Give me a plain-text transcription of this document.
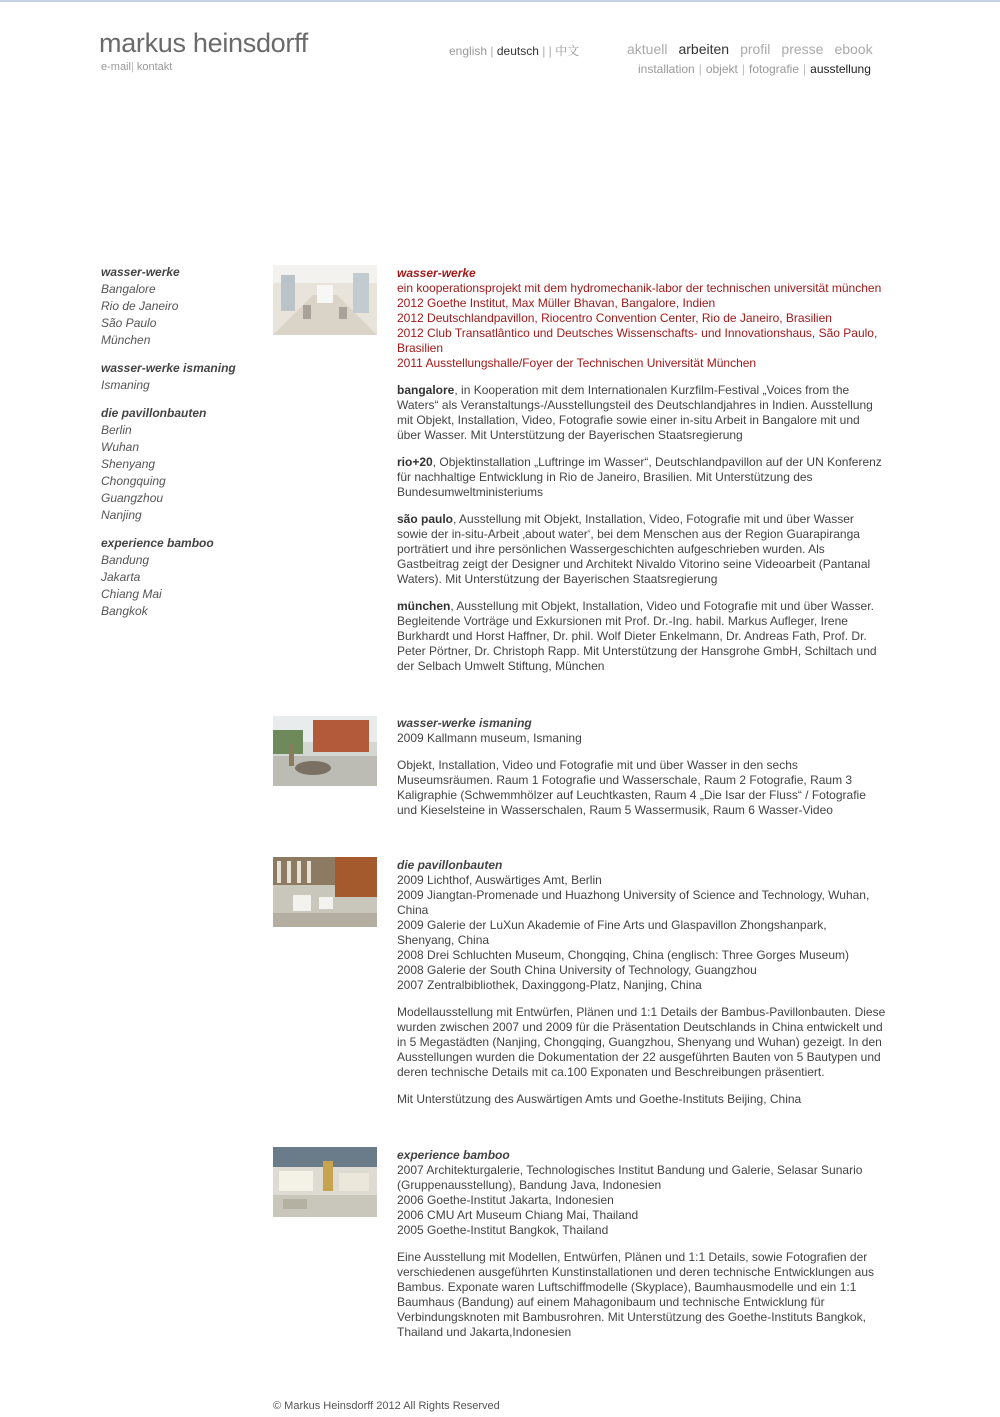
markus heinsdorff
e-mail| kontakt
english | deutsch | | 中文	aktuell arbeiten profil presse ebook
installation | objekt | fotografie | ausstellung
wasser-werke
Bangalore
Rio de Janeiro
São Paulo
München
wasser-werke ismaning
Ismaning
die pavillonbauten
Berlin
Wuhan
Shenyang
Chongquing
Guangzhou
Nanjing
experience bamboo
Bandung
Jakarta
Chiang Mai
Bangkok

wasser-werke
ein kooperationsprojekt mit dem hydromechanik-labor der technischen universität münchen
2012 Goethe Institut, Max Müller Bhavan, Bangalore, Indien
2012 Deutschlandpavillon, Riocentro Convention Center, Rio de Janeiro, Brasilien
2012 Club Transatlântico und Deutsches Wissenschafts- und Innovationshaus, São Paulo, Brasilien
2011 Ausstellungshalle/Foyer der Technischen Universität München

bangalore, in Kooperation mit dem Internationalen Kurzfilm-Festival „Voices from the Waters“ als Veranstaltungs-/Ausstellungsteil des Deutschlandjahres in Indien. Ausstellung mit Objekt, Installation, Video, Fotografie sowie einer in-situ Arbeit in Bangalore mit und über Wasser. Mit Unterstützung der Bayerischen Staatsregierung

rio+20, Objektinstallation „Luftringe im Wasser“, Deutschlandpavillon auf der UN Konferenz für nachhaltige Entwicklung in Rio de Janeiro, Brasilien. Mit Unterstützung des Bundesumweltministeriums

são paulo, Ausstellung mit Objekt, Installation, Video, Fotografie mit und über Wasser sowie der in-situ-Arbeit ‚about water‘, bei dem Menschen aus der Region Guarapiranga porträtiert und ihre persönlichen Wassergeschichten aufgeschrieben wurden. Als Gastbeitrag zeigt der Designer und Architekt Nivaldo Vitorino seine Videoarbeit (Pantanal Waters). Mit Unterstützung der Bayerischen Staatsregierung

münchen, Ausstellung mit Objekt, Installation, Video und Fotografie mit und über Wasser. Begleitende Vorträge und Exkursionen mit Prof. Dr.-Ing. habil. Markus Aufleger, Irene Burkhardt und Horst Haffner, Dr. phil. Wolf Dieter Enkelmann, Dr. Andreas Fath, Prof. Dr. Peter Pörtner, Dr. Christoph Rapp. Mit Unterstützung der Hansgrohe GmbH, Schiltach und der Selbach Umwelt Stiftung, München

wasser-werke ismaning
2009 Kallmann museum, Ismaning

Objekt, Installation, Video und Fotografie mit und über Wasser in den sechs Museumsräumen. Raum 1 Fotografie und Wasserschale, Raum 2 Fotografie, Raum 3 Kaligraphie (Schwemmhölzer auf Leuchtkasten, Raum 4 „Die Isar der Fluss“ / Fotografie und Kieselsteine in Wasserschalen, Raum 5 Wassermusik, Raum 6 Wasser-Video

die pavillonbauten
2009 Lichthof, Auswärtiges Amt, Berlin
2009 Jiangtan-Promenade und Huazhong University of Science and Technology, Wuhan, China
2009 Galerie der LuXun Akademie of Fine Arts und Glaspavillon Zhongshanpark, Shenyang, China
2008 Drei Schluchten Museum, Chongqing, China (englisch: Three Gorges Museum)
2008 Galerie der South China University of Technology, Guangzhou
2007 Zentralbibliothek, Daxinggong-Platz, Nanjing, China

Modellausstellung mit Entwürfen, Plänen und 1:1 Details der Bambus-Pavillonbauten. Diese wurden zwischen 2007 und 2009 für die Präsentation Deutschlands in China entwickelt und in 5 Megastädten (Nanjing, Chongqing, Guangzhou, Shenyang und Wuhan) gezeigt. In den Ausstellungen wurden die Dokumentation der 22 ausgeführten Bauten von 5 Bautypen und deren technische Details mit ca.100 Exponaten und Beschreibungen präsentiert.

Mit Unterstützung des Auswärtigen Amts und Goethe-Instituts Beijing, China

experience bamboo
2007 Architekturgalerie, Technologisches Institut Bandung und Galerie, Selasar Sunario (Gruppenausstellung), Bandung Java, Indonesien
2006 Goethe-Institut Jakarta, Indonesien
2006 CMU Art Museum Chiang Mai, Thailand
2005 Goethe-Institut Bangkok, Thailand

Eine Ausstellung mit Modellen, Entwürfen, Plänen und 1:1 Details, sowie Fotografien der verschiedenen ausgeführten Kunstinstallationen und deren technische Entwicklungen aus Bambus. Exponate waren Luftschiffmodelle (Skyplace), Baumhausmodelle und ein 1:1 Baumhaus (Bandung) auf einem Mahagonibaum und technische Entwicklung für Verbindungsknoten mit Bambusrohren. Mit Unterstützung des Goethe-Instituts Bangkok, Thailand und Jakarta,Indonesien

© Markus Heinsdorff 2012 All Rights Reserved
